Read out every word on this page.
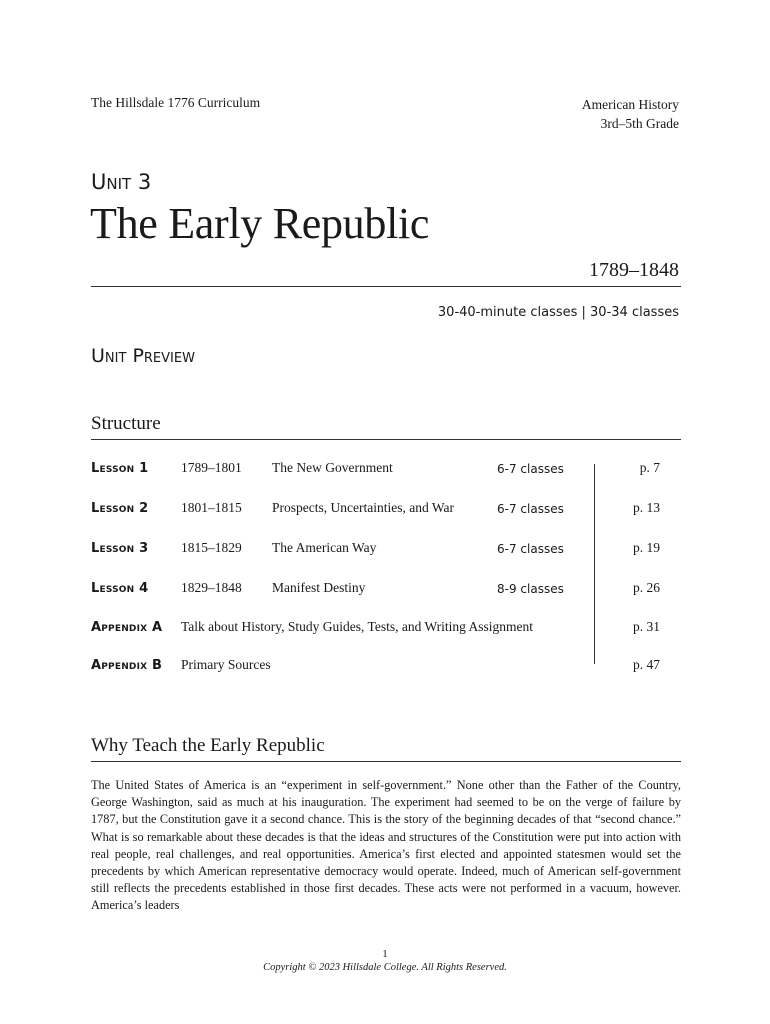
The Hillsdale 1776 Curriculum	American History
3rd–5th Grade
Unit 3
The Early Republic
1789–1848
30-40-minute classes | 30-34 classes
Unit Preview
Structure
Lesson 1 1789–1801 The New Government	6-7 classes	p. 7
Lesson 2 1801–1815 Prospects, Uncertainties, and War	6-7 classes	p. 13
Lesson 3 1815–1829 The American Way	6-7 classes	p. 19
Lesson 4 1829–1848 Manifest Destiny	8-9 classes	p. 26
Appendix A Talk about History, Study Guides, Tests, and Writing Assignment	p. 31
Appendix B Primary Sources	p. 47
Why Teach the Early Republic

The United States of America is an “experiment in self-government.” None other than the Father of the Country, George Washington, said as much at his inauguration. The experiment had seemed to be on the verge of failure by 1787, but the Constitution gave it a second chance. This is the story of the beginning decades of that “second chance.” What is so remarkable about these decades is that the ideas and structures of the Constitution were put into action with real people, real challenges, and real opportunities. America’s first elected and appointed statesmen would set the precedents by which American representative democracy would operate. Indeed, much of American self-government still reflects the precedents established in those first decades. These acts were not performed in a vacuum, however. America’s leaders

1
Copyright © 2023 Hillsdale College. All Rights Reserved.
